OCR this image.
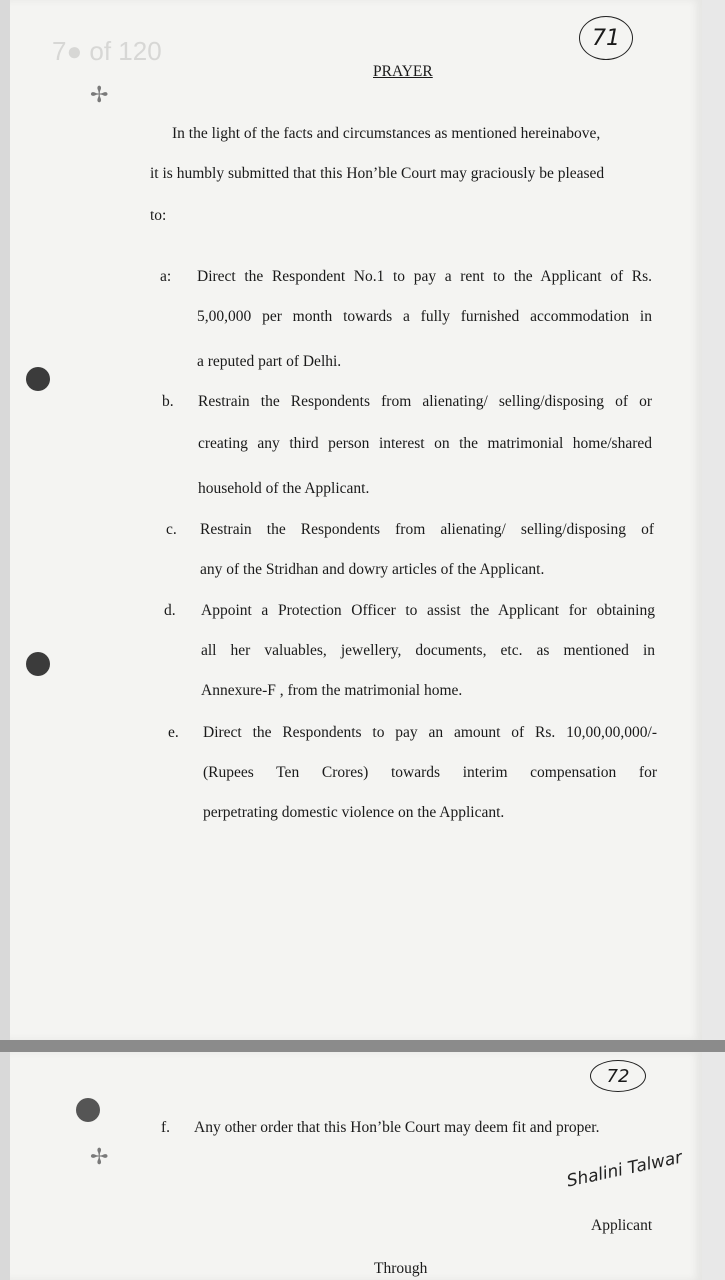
7● of 120	71
✢
PRAYER
In the light of the facts and circumstances as mentioned hereinabove,
it is humbly submitted that this Hon’ble Court may graciously be pleased
to:
a: Direct the Respondent No.1 to pay a rent to the Applicant of Rs.
5,00,000 per month towards a fully furnished accommodation in
a reputed part of Delhi.
b. Restrain the Respondents from alienating/ selling/disposing of or
creating any third person interest on the matrimonial home/shared
household of the Applicant.
c. Restrain the Respondents from alienating/ selling/disposing of
any of the Stridhan and dowry articles of the Applicant.
d. Appoint a Protection Officer to assist the Applicant for obtaining
all her valuables, jewellery, documents, etc. as mentioned in
Annexure-F , from the matrimonial home.
e. Direct the Respondents to pay an amount of Rs. 10,00,00,000/-
(Rupees Ten Crores) towards interim compensation for
perpetrating domestic violence on the Applicant.
72
✢
f. Any other order that this Hon’ble Court may deem fit and proper.
Shalini Talwar
Applicant
Through
